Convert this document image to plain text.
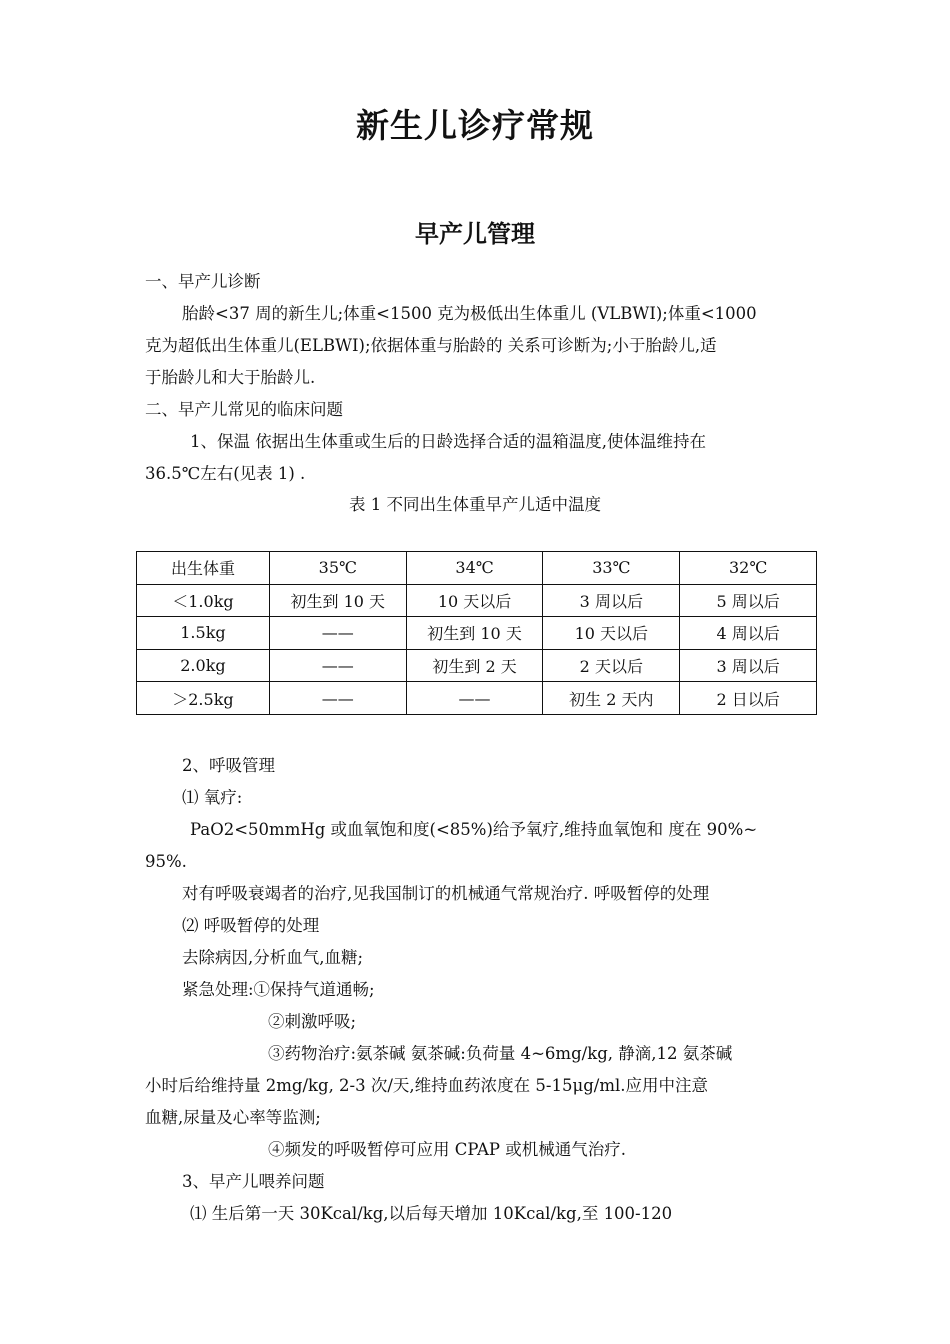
新生儿诊疗常规
早产儿管理
一、早产儿诊断
胎龄<37 周的新生儿;体重<1500 克为极低出生体重儿 (VLBWI);体重<1000
克为超低出生体重儿(ELBWI);依据体重与胎龄的 关系可诊断为;小于胎龄儿,适
于胎龄儿和大于胎龄儿.
二、早产儿常见的临床问题
1、保温 依据出生体重或生后的日龄选择合适的温箱温度,使体温维持在
36.5℃左右(见表 1) .
表 1 不同出生体重早产儿适中温度
出生体重	35℃	34℃	33℃	32℃
＜1.0kg	初生到 10 天	10 天以后	3 周以后	5 周以后
1.5kg	——	初生到 10 天	10 天以后	4 周以后
2.0kg	——	初生到 2 天	2 天以后	3 周以后
＞2.5kg	——	——	初生 2 天内	2 日以后
2、呼吸管理
⑴ 氧疗:
PaO2<50mmHg 或血氧饱和度(<85%)给予氧疗,维持血氧饱和 度在 90%~
95%.
对有呼吸衰竭者的治疗,见我国制订的机械通气常规治疗. 呼吸暂停的处理
⑵ 呼吸暂停的处理
去除病因,分析血气,血糖;
紧急处理:①保持气道通畅;
②刺激呼吸;
③药物治疗:氨茶碱 氨茶碱:负荷量 4~6mg/kg, 静滴,12 氨茶碱
小时后给维持量 2mg/kg, 2-3 次/天,维持血药浓度在 5-15μg/ml.应用中注意
血糖,尿量及心率等监测;
④频发的呼吸暂停可应用 CPAP 或机械通气治疗.
3、早产儿喂养问题
⑴ 生后第一天 30Kcal/kg,以后每天增加 10Kcal/kg,至 100-120
